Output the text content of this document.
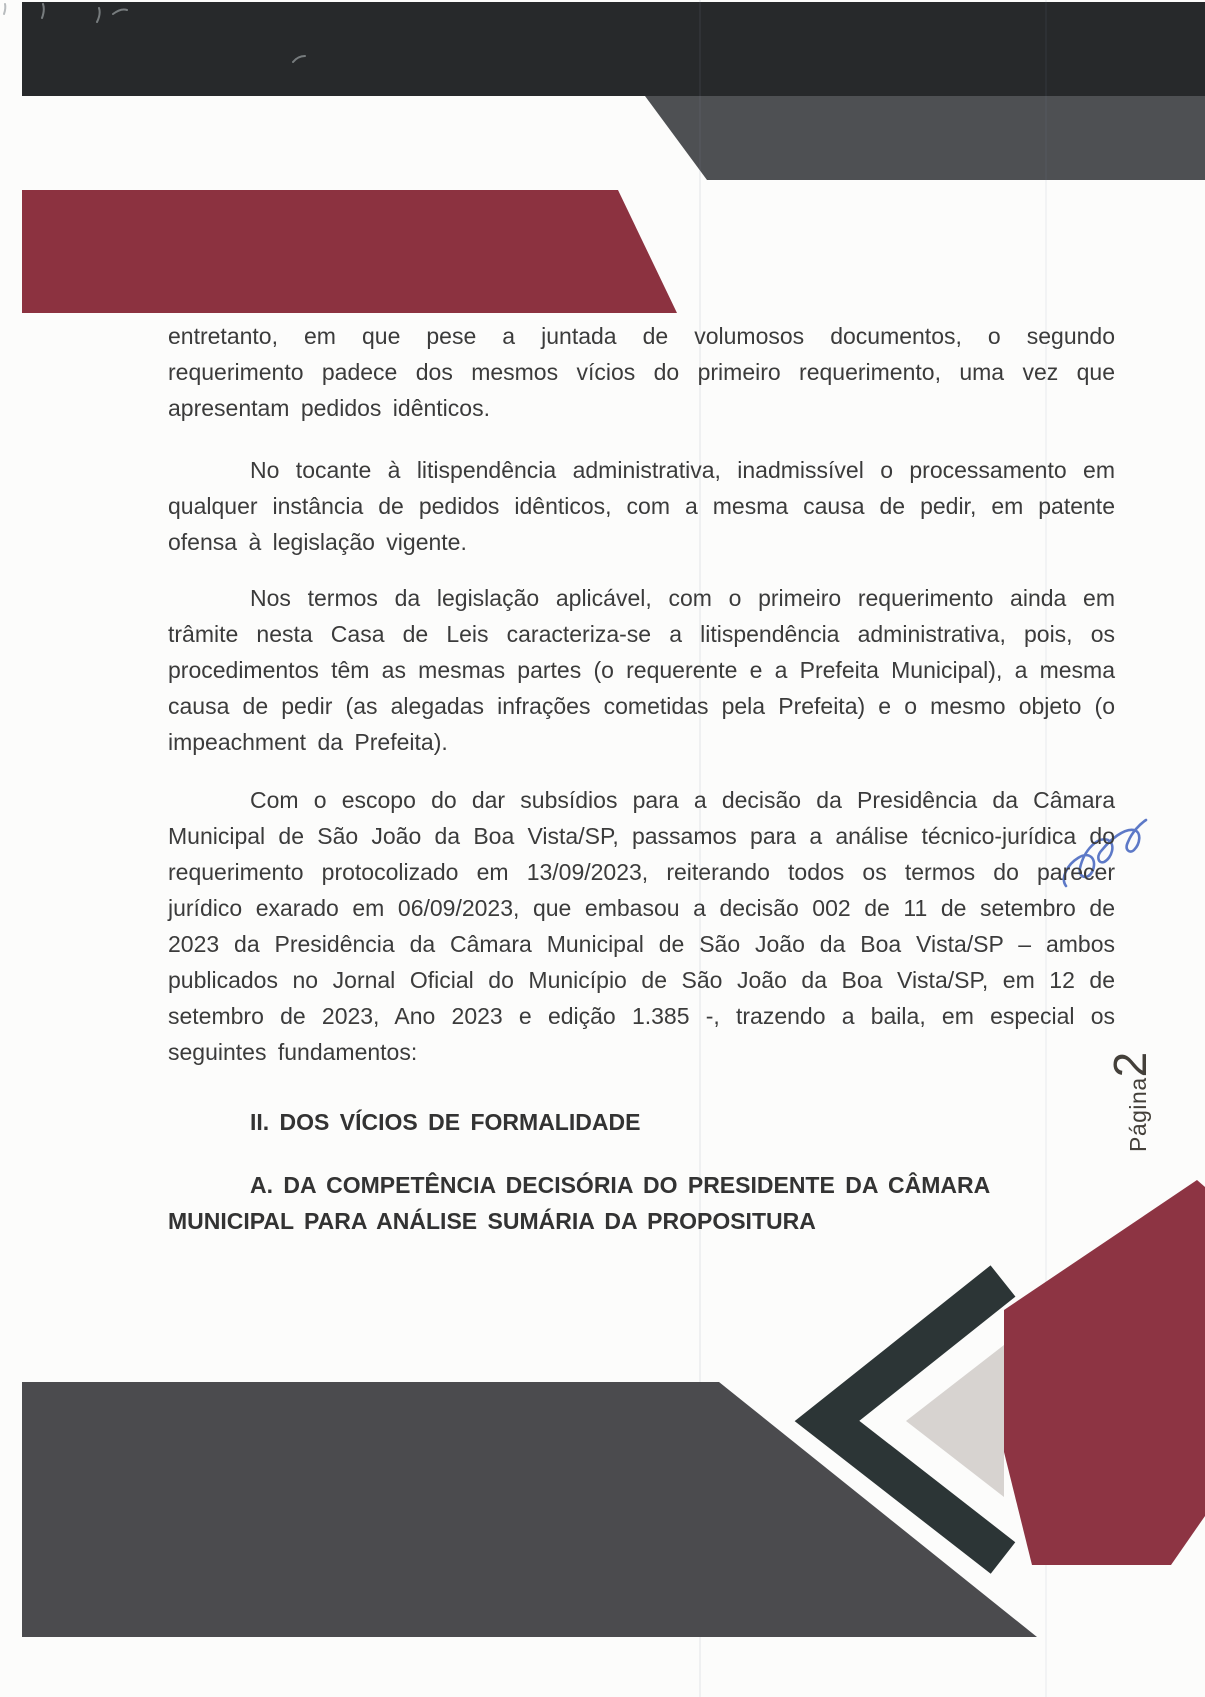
entretanto, em que pese a juntada de volumosos documentos, o segundo requerimento padece dos mesmos vícios do primeiro requerimento, uma vez que apresentam pedidos idênticos.

No tocante à litispendência administrativa, inadmissível o processamento em qualquer instância de pedidos idênticos, com a mesma causa de pedir, em patente ofensa à legislação vigente.

Nos termos da legislação aplicável, com o primeiro requerimento ainda em trâmite nesta Casa de Leis caracteriza-se a litispendência administrativa, pois, os procedimentos têm as mesmas partes (o requerente e a Prefeita Municipal), a mesma causa de pedir (as alegadas infrações cometidas pela Prefeita) e o mesmo objeto (o impeachment da Prefeita).

Com o escopo do dar subsídios para a decisão da Presidência da Câmara Municipal de São João da Boa Vista/SP, passamos para a análise técnico-jurídica do requerimento protocolizado em 13/09/2023, reiterando todos os termos do parecer jurídico exarado em 06/09/2023, que embasou a decisão 002 de 11 de setembro de 2023 da Presidência da Câmara Municipal de São João da Boa Vista/SP – ambos publicados no Jornal Oficial do Município de São João da Boa Vista/SP, em 12 de setembro de 2023, Ano 2023 e edição 1.385 -, trazendo a baila, em especial os seguintes fundamentos:

II. DOS VÍCIOS DE FORMALIDADE

A. DA COMPETÊNCIA DECISÓRIA DO PRESIDENTE DA CÂMARA MUNICIPAL PARA ANÁLISE SUMÁRIA DA PROPOSITURA

Página2
